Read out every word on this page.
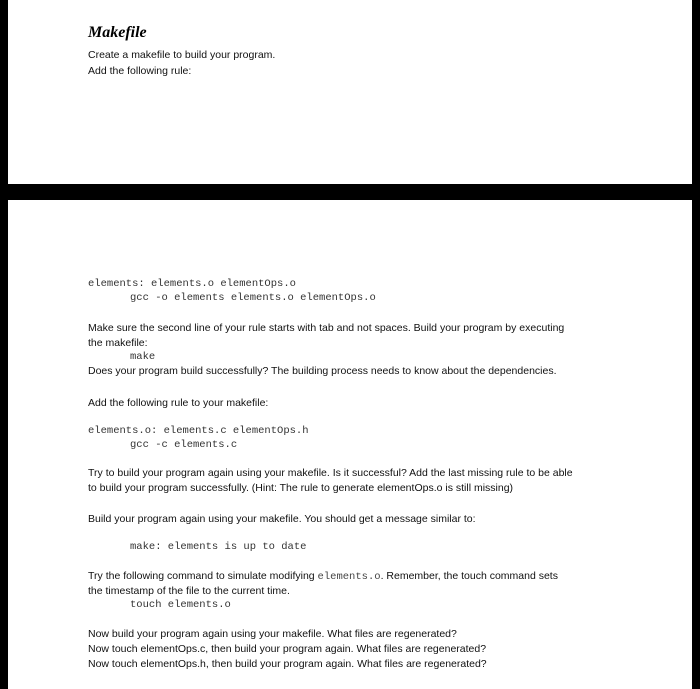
Makefile
Create a makefile to build your program.
Add the following rule:
elements: elements.o elementOps.o
gcc -o elements elements.o elementOps.o
Make sure the second line of your rule starts with tab and not spaces. Build your program by executing
the makefile:
make
Does your program build successfully? The building process needs to know about the dependencies.
Add the following rule to your makefile:
elements.o: elements.c elementOps.h
gcc -c elements.c
Try to build your program again using your makefile. Is it successful? Add the last missing rule to be able
to build your program successfully. (Hint: The rule to generate elementOps.o is still missing)
Build your program again using your makefile. You should get a message similar to:
make: elements is up to date
Try the following command to simulate modifying elements.o. Remember, the touch command sets
the timestamp of the file to the current time.
touch elements.o
Now build your program again using your makefile. What files are regenerated?
Now touch elementOps.c, then build your program again. What files are regenerated?
Now touch elementOps.h, then build your program again. What files are regenerated?
